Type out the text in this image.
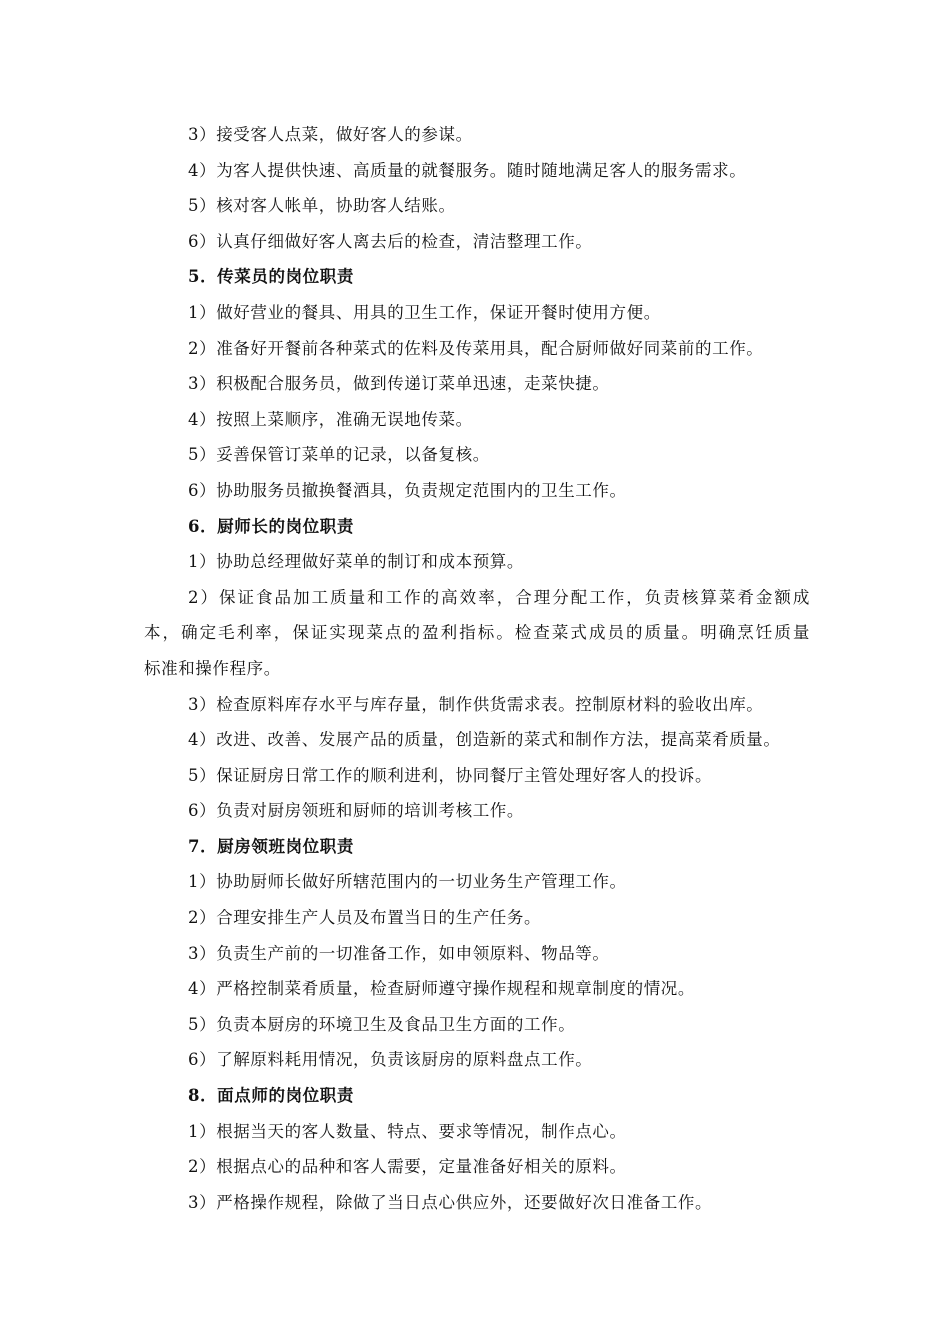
3）接受客人点菜，做好客人的参谋。
4）为客人提供快速、高质量的就餐服务。随时随地满足客人的服务需求。
5）核对客人帐单，协助客人结账。
6）认真仔细做好客人离去后的检查，清洁整理工作。
5．传菜员的岗位职责
1）做好营业的餐具、用具的卫生工作，保证开餐时使用方便。
2）准备好开餐前各种菜式的佐料及传菜用具，配合厨师做好同菜前的工作。
3）积极配合服务员，做到传递订菜单迅速，走菜快捷。
4）按照上菜顺序，准确无误地传菜。
5）妥善保管订菜单的记录，以备复核。
6）协助服务员撤换餐酒具，负责规定范围内的卫生工作。
6．厨师长的岗位职责
1）协助总经理做好菜单的制订和成本预算。
2）保证食品加工质量和工作的高效率，合理分配工作，负责核算菜肴金额成
本，确定毛利率，保证实现菜点的盈利指标。检查菜式成员的质量。明确烹饪质量
标准和操作程序。
3）检查原料库存水平与库存量，制作供货需求表。控制原材料的验收出库。
4）改进、改善、发展产品的质量，创造新的菜式和制作方法，提高菜肴质量。
5）保证厨房日常工作的顺利进利，协同餐厅主管处理好客人的投诉。
6）负责对厨房领班和厨师的培训考核工作。
7．厨房领班岗位职责
1）协助厨师长做好所辖范围内的一切业务生产管理工作。
2）合理安排生产人员及布置当日的生产任务。
3）负责生产前的一切准备工作，如申领原料、物品等。
4）严格控制菜肴质量，检查厨师遵守操作规程和规章制度的情况。
5）负责本厨房的环境卫生及食品卫生方面的工作。
6）了解原料耗用情况，负责该厨房的原料盘点工作。
8．面点师的岗位职责
1）根据当天的客人数量、特点、要求等情况，制作点心。
2）根据点心的品种和客人需要，定量准备好相关的原料。
3）严格操作规程，除做了当日点心供应外，还要做好次日准备工作。
